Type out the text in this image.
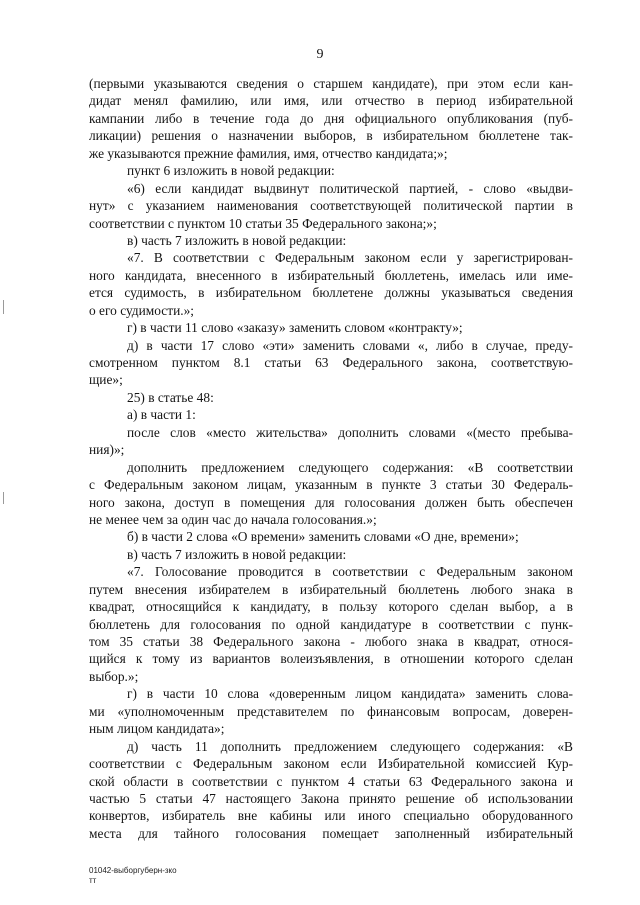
9
(первыми указываются сведения о старшем кандидате), при этом если кан-
дидат менял фамилию, или имя, или отчество в период избирательной
кампании либо в течение года до дня официального опубликования (пуб-
ликации) решения о назначении выборов, в избирательном бюллетене так-
же указываются прежние фамилия, имя, отчество кандидата;»;
пункт 6 изложить в новой редакции:
«6) если кандидат выдвинут политической партией, - слово «выдви-
нут» с указанием наименования соответствующей политической партии в
соответствии с пунктом 10 статьи 35 Федерального закона;»;
в) часть 7 изложить в новой редакции:
«7. В соответствии с Федеральным законом если у зарегистрирован-
ного кандидата, внесенного в избирательный бюллетень, имелась или име-
ется судимость, в избирательном бюллетене должны указываться сведения
о его судимости.»;
г) в части 11 слово «заказу» заменить словом «контракту»;
д) в части 17 слово «эти» заменить словами «, либо в случае, преду-
смотренном пунктом 8.1 статьи 63 Федерального закона, соответствую-
щие»;
25) в статье 48:
а) в части 1:
после слов «место жительства» дополнить словами «(место пребыва-
ния)»;
дополнить предложением следующего содержания: «В соответствии
с Федеральным законом лицам, указанным в пункте 3 статьи 30 Федераль-
ного закона, доступ в помещения для голосования должен быть обеспечен
не менее чем за один час до начала голосования.»;
б) в части 2 слова «О времени» заменить словами «О дне, времени»;
в) часть 7 изложить в новой редакции:
«7. Голосование проводится в соответствии с Федеральным законом
путем внесения избирателем в избирательный бюллетень любого знака в
квадрат, относящийся к кандидату, в пользу которого сделан выбор, а в
бюллетень для голосования по одной кандидатуре в соответствии с пунк-
том 35 статьи 38 Федерального закона - любого знака в квадрат, относя-
щийся к тому из вариантов волеизъявления, в отношении которого сделан
выбор.»;
г) в части 10 слова «доверенным лицом кандидата» заменить слова-
ми «уполномоченным представителем по финансовым вопросам, доверен-
ным лицом кандидата»;
д) часть 11 дополнить предложением следующего содержания: «В
соответствии с Федеральным законом если Избирательной комиссией Кур-
ской области в соответствии с пунктом 4 статьи 63 Федерального закона и
частью 5 статьи 47 настоящего Закона принято решение об использовании
конвертов, избиратель вне кабины или иного специально оборудованного
места для тайного голосования помещает заполненный избирательный
01042-выборгуберн-зко
тт
